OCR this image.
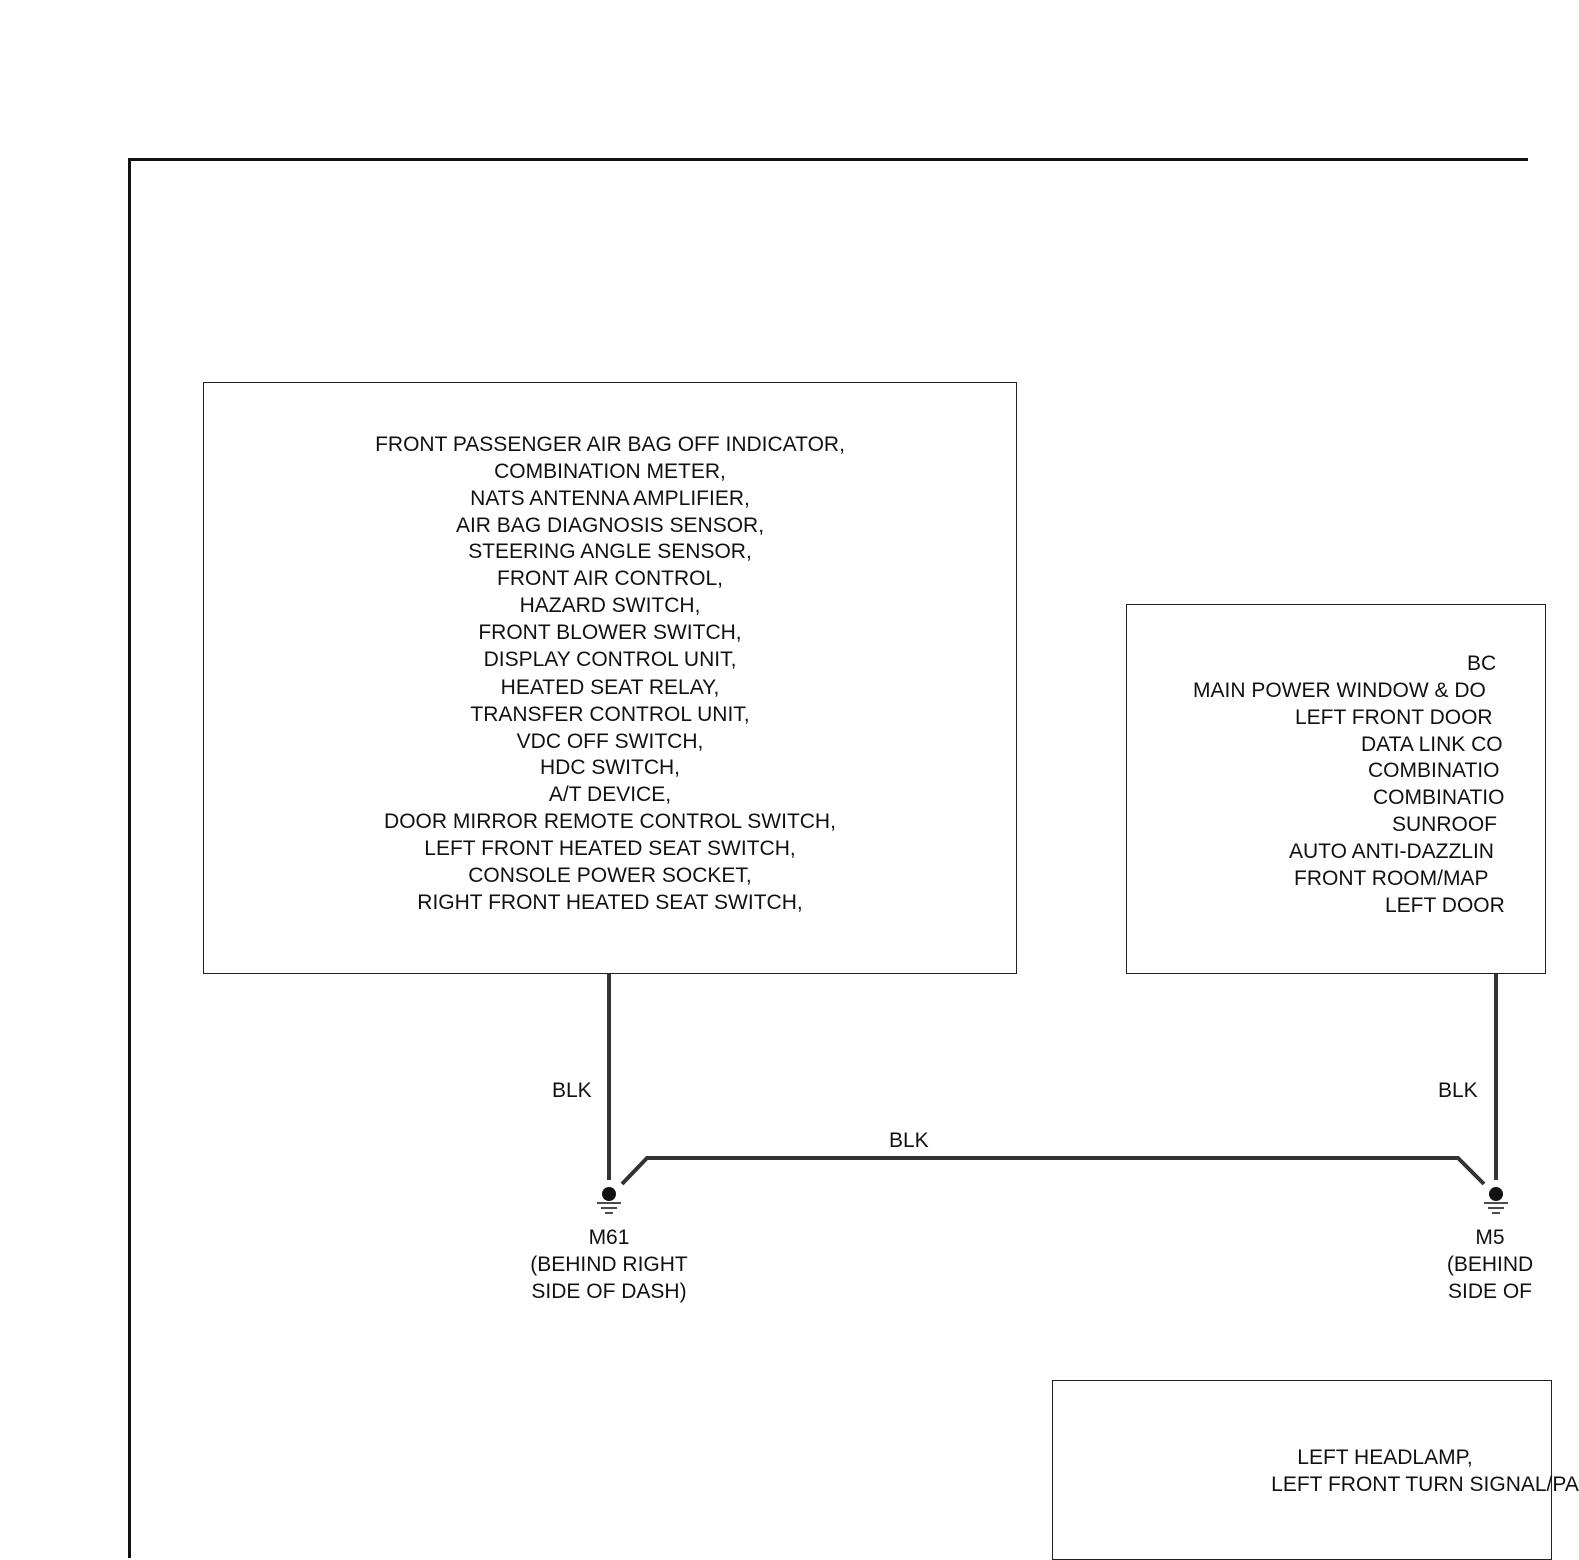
FRONT PASSENGER AIR BAG OFF INDICATOR,
COMBINATION METER,
NATS ANTENNA AMPLIFIER,
AIR BAG DIAGNOSIS SENSOR,
STEERING ANGLE SENSOR,
FRONT AIR CONTROL,
HAZARD SWITCH,
FRONT BLOWER SWITCH,
DISPLAY CONTROL UNIT,
HEATED SEAT RELAY,
TRANSFER CONTROL UNIT,
VDC OFF SWITCH,
HDC SWITCH,
A/T DEVICE,
DOOR MIRROR REMOTE CONTROL SWITCH,
LEFT FRONT HEATED SEAT SWITCH,
CONSOLE POWER SOCKET,
RIGHT FRONT HEATED SEAT SWITCH,
BC
MAIN POWER WINDOW & DO
LEFT FRONT DOOR
DATA LINK CO
COMBINATIO
COMBINATIO
SUNROOF
AUTO ANTI-DAZZLIN
FRONT ROOM/MAP
LEFT DOOR
LEFT HEADLAMP,
LEFT FRONT TURN SIGNAL/PA
BLK
BLK
BLK
M61
(BEHIND RIGHT
SIDE OF DASH)
M5
(BEHIND
SIDE OF
